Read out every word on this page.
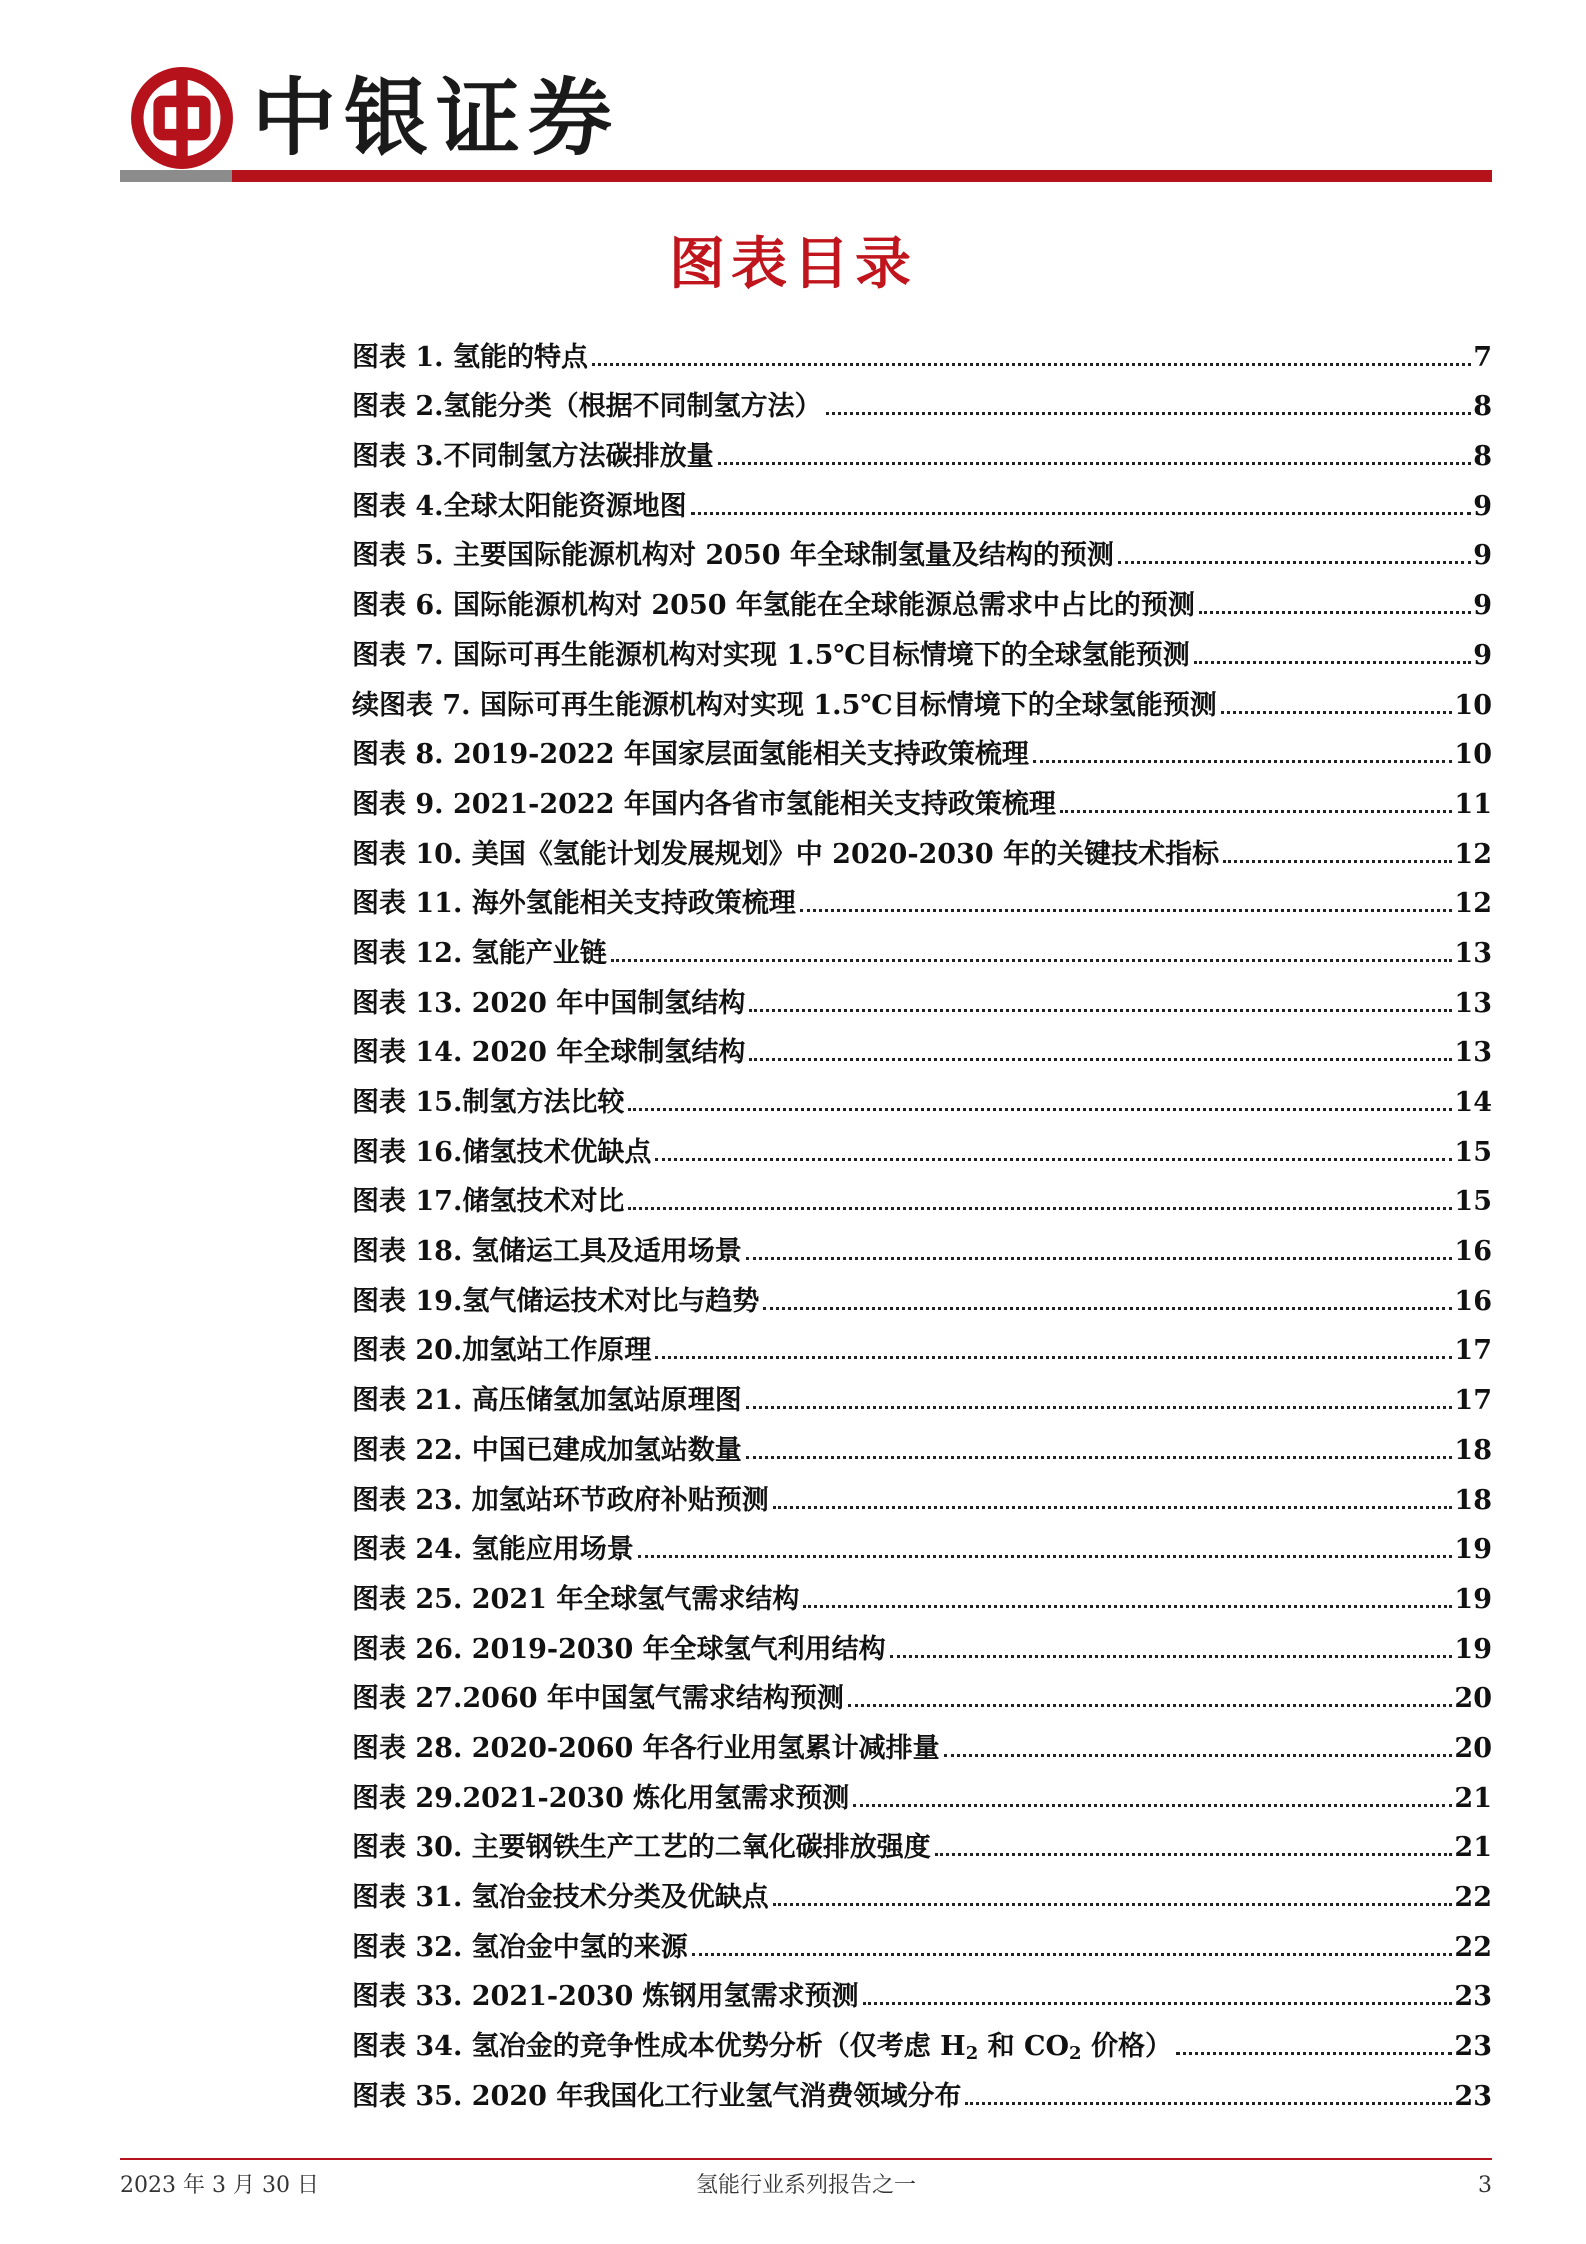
中银证券
图表目录
图表 1. 氢能的特点	7
图表 2.氢能分类（根据不同制氢方法）	8
图表 3.不同制氢方法碳排放量	8
图表 4.全球太阳能资源地图	9
图表 5. 主要国际能源机构对 2050 年全球制氢量及结构的预测	9
图表 6. 国际能源机构对 2050 年氢能在全球能源总需求中占比的预测	9
图表 7. 国际可再生能源机构对实现 1.5℃目标情境下的全球氢能预测	9
续图表 7. 国际可再生能源机构对实现 1.5℃目标情境下的全球氢能预测	10
图表 8. 2019-2022 年国家层面氢能相关支持政策梳理	10
图表 9. 2021-2022 年国内各省市氢能相关支持政策梳理	11
图表 10. 美国《氢能计划发展规划》中 2020-2030 年的关键技术指标	12
图表 11. 海外氢能相关支持政策梳理	12
图表 12. 氢能产业链	13
图表 13. 2020 年中国制氢结构	13
图表 14. 2020 年全球制氢结构	13
图表 15.制氢方法比较	14
图表 16.储氢技术优缺点	15
图表 17.储氢技术对比	15
图表 18. 氢储运工具及适用场景	16
图表 19.氢气储运技术对比与趋势	16
图表 20.加氢站工作原理	17
图表 21. 高压储氢加氢站原理图	17
图表 22. 中国已建成加氢站数量	18
图表 23. 加氢站环节政府补贴预测	18
图表 24. 氢能应用场景	19
图表 25. 2021 年全球氢气需求结构	19
图表 26. 2019-2030 年全球氢气利用结构	19
图表 27.2060 年中国氢气需求结构预测	20
图表 28. 2020-2060 年各行业用氢累计减排量	20
图表 29.2021-2030 炼化用氢需求预测	21
图表 30. 主要钢铁生产工艺的二氧化碳排放强度	21
图表 31. 氢冶金技术分类及优缺点	22
图表 32. 氢冶金中氢的来源	22
图表 33. 2021-2030 炼钢用氢需求预测	23
图表 34. 氢冶金的竞争性成本优势分析（仅考虑 $H_2$ 和 $CO_2$ 价格）	23
图表 35. 2020 年我国化工行业氢气消费领域分布	23
氢能行业系列报告之一
2023 年 3 月 30 日	3
